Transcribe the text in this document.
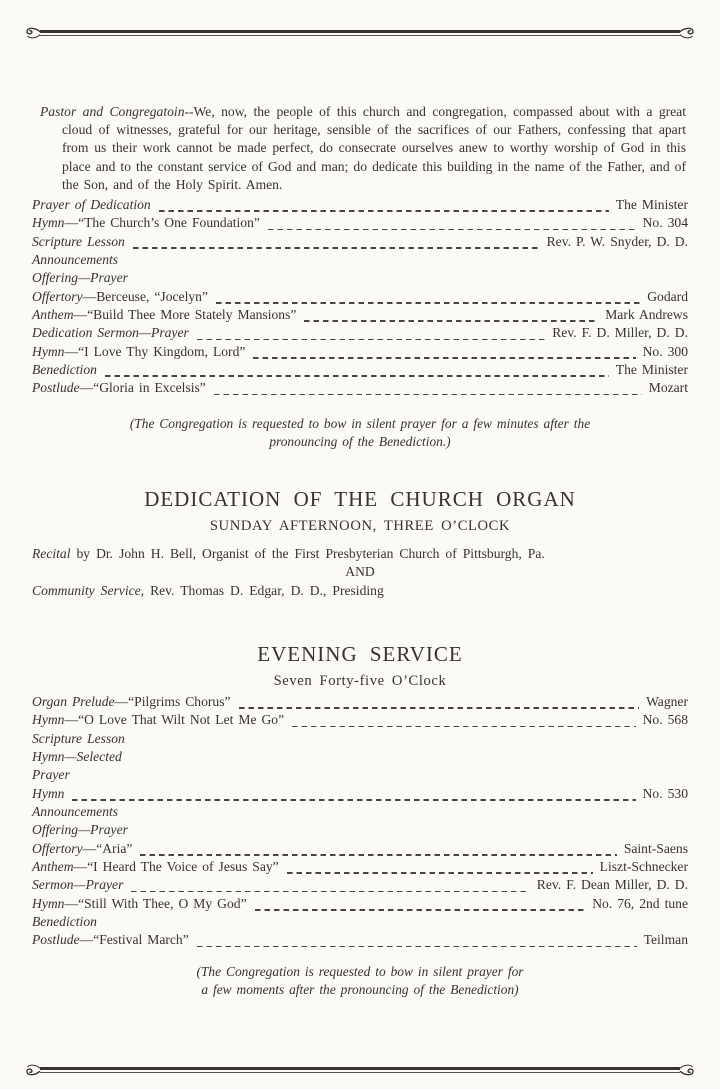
Pastor and Congregatoin--We, now, the people of this church and congregation, compassed about with a great cloud of witnesses, grateful for our heritage, sensible of the sacrifices of our Fathers, confessing that apart from us their work cannot be made perfect, do consecrate ourselves anew to worthy worship of God in this place and to the constant service of God and man; do dedicate this building in the name of the Father, and of the Son, and of the Holy Spirit. Amen.

Prayer of Dedication	The Minister
Hymn —“The Church’s One Foundation”	No. 304
Scripture Lesson	Rev. P. W. Snyder, D. D.
Announcements
Offering—Prayer
Offertory —Berceuse, “Jocelyn”	Godard
Anthem —“Build Thee More Stately Mansions”	Mark Andrews
Dedication Sermon—Prayer	Rev. F. D. Miller, D. D.
Hymn —“I Love Thy Kingdom, Lord”	No. 300
Benediction	The Minister
Postlude —“Gloria in Excelsis”	Mozart
(The Congregation is requested to bow in silent prayer for a few minutes after the
pronouncing of the Benediction.)
DEDICATION OF THE CHURCH ORGAN
SUNDAY AFTERNOON, THREE O’CLOCK
Recital by Dr. John H. Bell, Organist of the First Presbyterian Church of Pittsburgh, Pa.
AND
Community Service, Rev. Thomas D. Edgar, D. D., Presiding
EVENING SERVICE
Seven Forty-five O’Clock
Organ Prelude —“Pilgrims Chorus”	Wagner
Hymn —“O Love That Wilt Not Let Me Go”	No. 568
Scripture Lesson
Hymn—Selected
Prayer
Hymn	No. 530
Announcements
Offering—Prayer
Offertory —“Aria”	Saint-Saens
Anthem —“I Heard The Voice of Jesus Say”	Liszt-Schnecker
Sermon—Prayer	Rev. F. Dean Miller, D. D.
Hymn —“Still With Thee, O My God”	No. 76, 2nd tune
Benediction
Postlude —“Festival March”	Teilman
(The Congregation is requested to bow in silent prayer for
a few moments after the pronouncing of the Benediction)
